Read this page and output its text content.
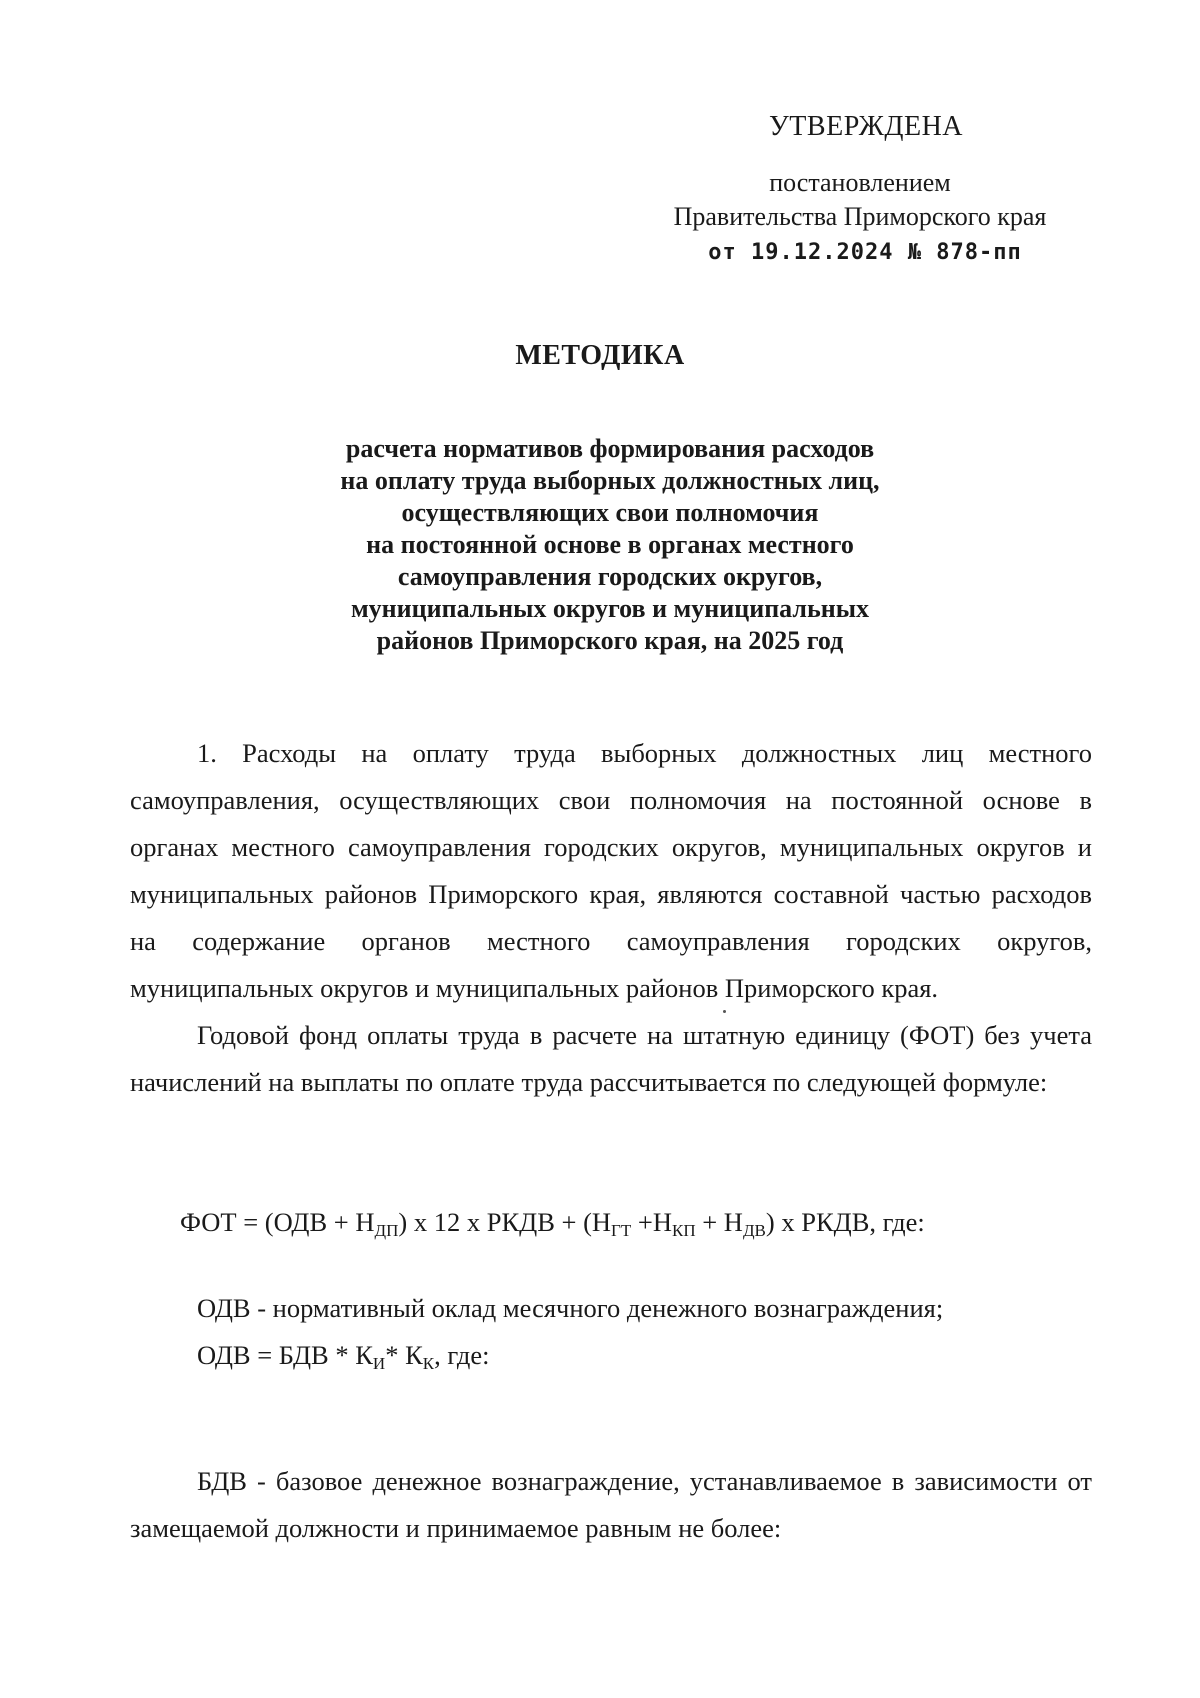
УТВЕРЖДЕНА
постановлением
Правительства Приморского края
от 19.12.2024 № 878-пп
МЕТОДИКА
расчета нормативов формирования расходов
на оплату труда выборных должностных лиц,
осуществляющих свои полномочия
на постоянной основе в органах местного
самоуправления городских округов,
муниципальных округов и муниципальных
районов Приморского края, на 2025 год

1. Расходы на оплату труда выборных должностных лиц местного самоуправления, осуществляющих свои полномочия на постоянной основе в органах местного самоуправления городских округов, муниципальных округов и муниципальных районов Приморского края, являются составной частью расходов на содержание органов местного самоуправления городских округов, муниципальных округов и муниципальных районов Приморского края.

Годовой фонд оплаты труда в расчете на штатную единицу (ФОТ) без учета начислений на выплаты по оплате труда рассчитывается по следующей формуле:

ФОТ = $(ОДВ + Н_{ДП})$ х 12 х РКДВ + $(Н_{ГТ} +Н_{КП} + Н_{ДВ})$ х РКДВ, где:
ОДВ - нормативный оклад месячного денежного вознаграждения;
ОДВ = БДВ * $К_И*$ $К_К$, где:

БДВ - базовое денежное вознаграждение, устанавливаемое в зависимости от замещаемой должности и принимаемое равным не более:
